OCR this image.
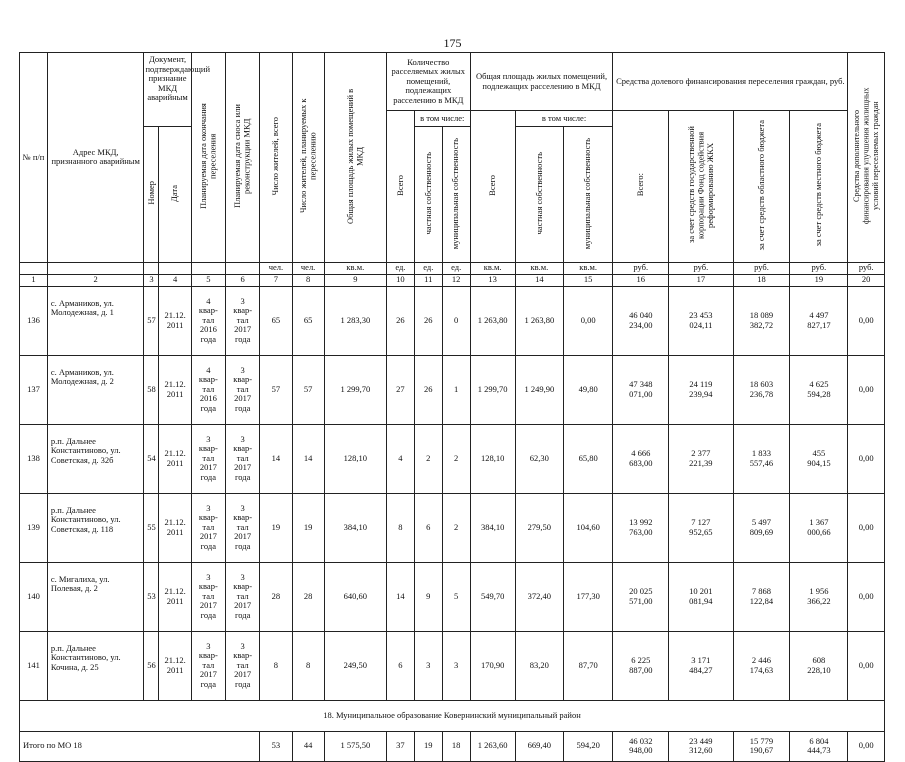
175
№ п/п	Адрес МКД, признанного аварийным	Документ, подтверждающий признание МКД аварийным		Планируемая дата окончания переселения	Планируемая дата сноса или реконструкции МКД	Число жителей, всего	Число жителей, планируемых к переселению	Общая площадь жилых помещений в МКД	Количество расселяемых жилых помещений, подлежащих расселению в МКД			Общая площадь жилых помещений, подлежащих расселению в МКД			Средства долевого финансирования переселения граждан, руб.				Средства дополнительного финансирования улучшения жилищных условий переселяемых граждан
									Всего	в том числе:		Всего	в том числе:		Всего:	за счет средств государственной корпорации Фонд содействия реформированию ЖКХ	за счет средств областного бюджета	за счет средств местного бюджета	
		Номер	Дата							частная собственность	муниципальная собственность		частная собственность	муниципальная собственность					
						чел.	чел.	кв.м.	ед.	ед.	ед.	кв.м.	кв.м.	кв.м.	руб.	руб.	руб.	руб.	руб.
1	2	3	4	5	6	7	8	9	10	11	12	13	14	15	16	17	18	19	20
136	с. Армаников, ул. Молодежная, д. 1	57	21.12. 2011	4
квар-
тал
2016
года	3
квар-
тал
2017
года	65	65	1 283,30	26	26	0	1 263,80	1 263,80	0,00	46 040
234,00	23 453
024,11	18 089
382,72	4 497
827,17	0,00
137	с. Армаников, ул. Молодежная, д. 2	58	21.12. 2011	4
квар-
тал
2016
года	3
квар-
тал
2017
года	57	57	1 299,70	27	26	1	1 299,70	1 249,90	49,80	47 348
071,00	24 119
239,94	18 603
236,78	4 625
594,28	0,00
138	р.п. Дальнее Константиново, ул. Советская, д. 32б	54	21.12. 2011	3
квар-
тал
2017
года	3
квар-
тал
2017
года	14	14	128,10	4	2	2	128,10	62,30	65,80	4 666
683,00	2 377
221,39	1 833
557,46	455
904,15	0,00
139	р.п. Дальнее Константиново, ул. Советская, д. 118	55	21.12. 2011	3
квар-
тал
2017
года	3
квар-
тал
2017
года	19	19	384,10	8	6	2	384,10	279,50	104,60	13 992
763,00	7 127
952,65	5 497
809,69	1 367
000,66	0,00
140	с. Мигалиха, ул. Полевая, д. 2	53	21.12. 2011	3
квар-
тал
2017
года	3
квар-
тал
2017
года	28	28	640,60	14	9	5	549,70	372,40	177,30	20 025
571,00	10 201
081,94	7 868
122,84	1 956
366,22	0,00
141	р.п. Дальнее Константиново, ул. Кочина, д. 25	56	21.12. 2011	3
квар-
тал
2017
года	3
квар-
тал
2017
года	8	8	249,50	6	3	3	170,90	83,20	87,70	6 225
887,00	3 171
484,27	2 446
174,63	608
228,10	0,00
18. Муниципальное образование Ковернинский муниципальный район																			
Итого по МО 18						53	44	1 575,50	37	19	18	1 263,60	669,40	594,20	46 032
948,00	23 449
312,60	15 779
190,67	6 804
444,73	0,00
